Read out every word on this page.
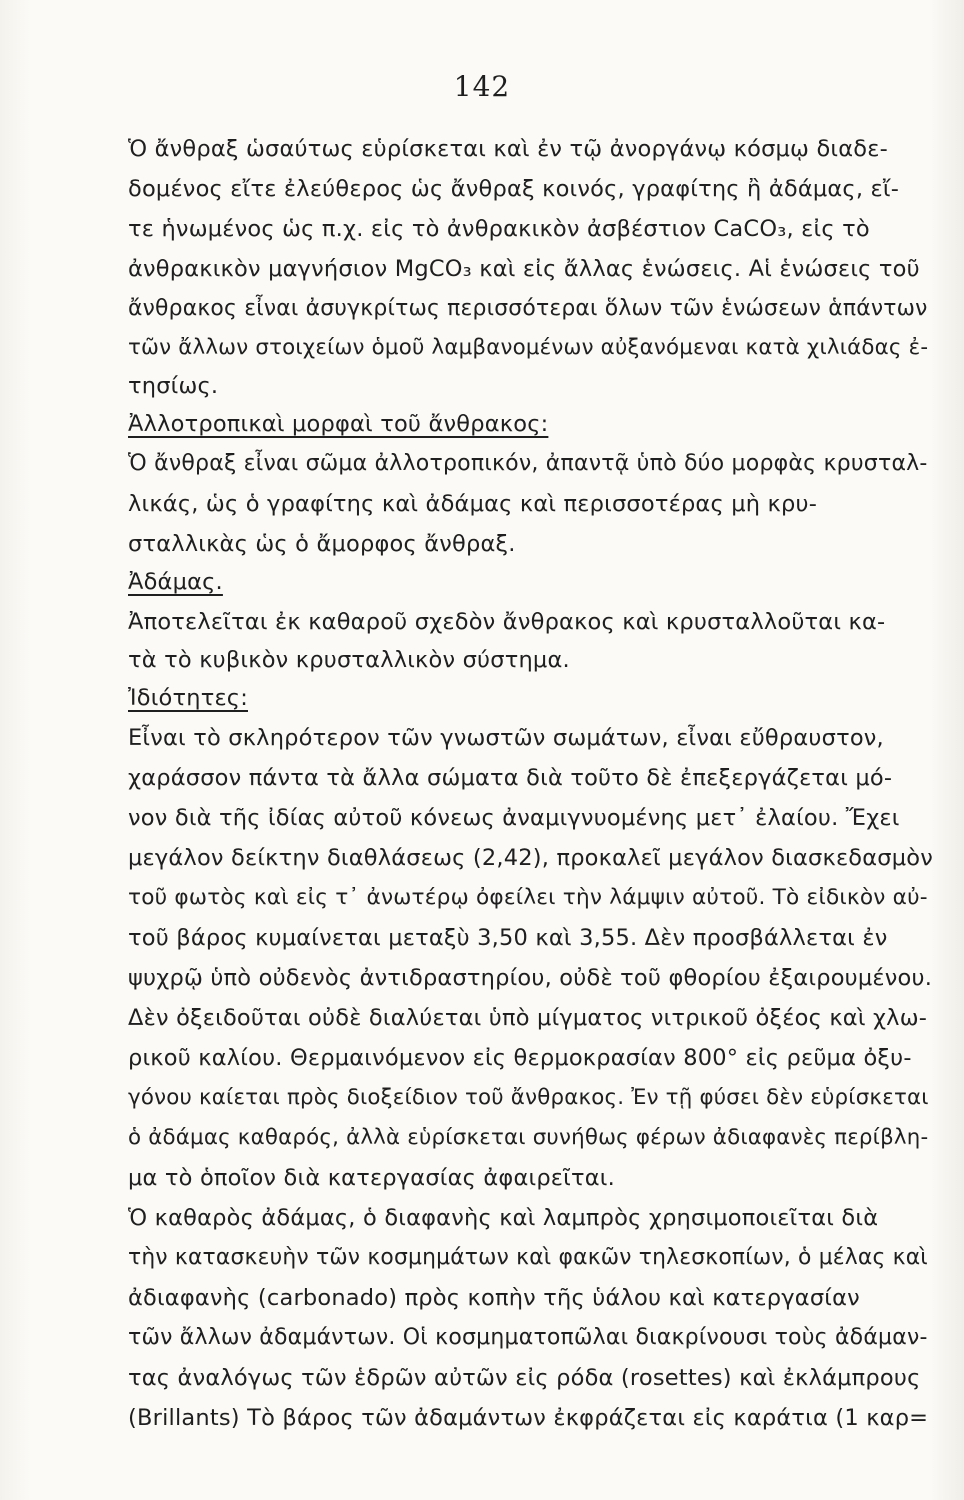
142
Ὁ ἄνθραξ ὡσαύτως εὑρίσκεται καὶ ἐν τῷ ἀνοργάνῳ κόσμῳ διαδε-
δομένος εἴτε ἐλεύθερος ὡς ἄνθραξ κοινός, γραφίτης ἢ ἀδάμας, εἴ-
τε ἡνωμένος ὡς π.χ. εἰς τὸ ἀνθρακικὸν ἀσβέστιον CaCO₃, εἰς τὸ
ἀνθρακικὸν μαγνήσιον MgCO₃ καὶ εἰς ἄλλας ἑνώσεις. Αἱ ἑνώσεις τοῦ
ἄνθρακος εἶναι ἀσυγκρίτως περισσότεραι ὅλων τῶν ἑνώσεων ἁπάντων
τῶν ἄλλων στοιχείων ὁμοῦ λαμβανομένων αὐξανόμεναι κατὰ χιλιάδας ἐ-
τησίως.
Ἀλλοτροπικαὶ μορφαὶ τοῦ ἄνθρακος:
Ὁ ἄνθραξ εἶναι σῶμα ἀλλοτροπικόν, ἀπαντᾷ ὑπὸ δύο μορφὰς κρυσταλ-
λικάς, ὡς ὁ γραφίτης καὶ ἀδάμας καὶ περισσοτέρας μὴ κρυ-
σταλλικὰς ὡς ὁ ἄμορφος ἄνθραξ.
Ἀδάμας.
Ἀποτελεῖται ἐκ καθαροῦ σχεδὸν ἄνθρακος καὶ κρυσταλλοῦται κα-
τὰ τὸ κυβικὸν κρυσταλλικὸν σύστημα.
Ἰδιότητες:
Εἶναι τὸ σκληρότερον τῶν γνωστῶν σωμάτων, εἶναι εὔθραυστον,
χαράσσον πάντα τὰ ἄλλα σώματα διὰ τοῦτο δὲ ἐπεξεργάζεται μό-
νον διὰ τῆς ἰδίας αὐτοῦ κόνεως ἀναμιγνυομένης μετ᾽ ἐλαίου. Ἔχει
μεγάλον δείκτην διαθλάσεως (2,42), προκαλεῖ μεγάλον διασκεδασμὸν
τοῦ φωτὸς καὶ εἰς τ᾽ ἀνωτέρῳ ὀφείλει τὴν λάμψιν αὐτοῦ. Τὸ εἰδικὸν αὐ-
τοῦ βάρος κυμαίνεται μεταξὺ 3,50 καὶ 3,55. Δὲν προσβάλλεται ἐν
ψυχρῷ ὑπὸ οὐδενὸς ἀντιδραστηρίου, οὐδὲ τοῦ φθορίου ἐξαιρουμένου.
Δὲν ὀξειδοῦται οὐδὲ διαλύεται ὑπὸ μίγματος νιτρικοῦ ὀξέος καὶ χλω-
ρικοῦ καλίου. Θερμαινόμενον εἰς θερμοκρασίαν 800° εἰς ρεῦμα ὀξυ-
γόνου καίεται πρὸς διοξείδιον τοῦ ἄνθρακος. Ἐν τῇ φύσει δὲν εὑρίσκεται
ὁ ἀδάμας καθαρός, ἀλλὰ εὑρίσκεται συνήθως φέρων ἀδιαφανὲς περίβλη-
μα τὸ ὁποῖον διὰ κατεργασίας ἀφαιρεῖται.
Ὁ καθαρὸς ἀδάμας, ὁ διαφανὴς καὶ λαμπρὸς χρησιμοποιεῖται διὰ
τὴν κατασκευὴν τῶν κοσμημάτων καὶ φακῶν τηλεσκοπίων, ὁ μέλας καὶ
ἀδιαφανὴς (carbonado) πρὸς κοπὴν τῆς ὑάλου καὶ κατεργασίαν
τῶν ἄλλων ἀδαμάντων. Οἱ κοσμηματοπῶλαι διακρίνουσι τοὺς ἀδάμαν-
τας ἀναλόγως τῶν ἑδρῶν αὐτῶν εἰς ρόδα (rosettes) καὶ ἐκλάμπρους
(Brillants) Τὸ βάρος τῶν ἀδαμάντων ἐκφράζεται εἰς καράτια (1 καρ=
